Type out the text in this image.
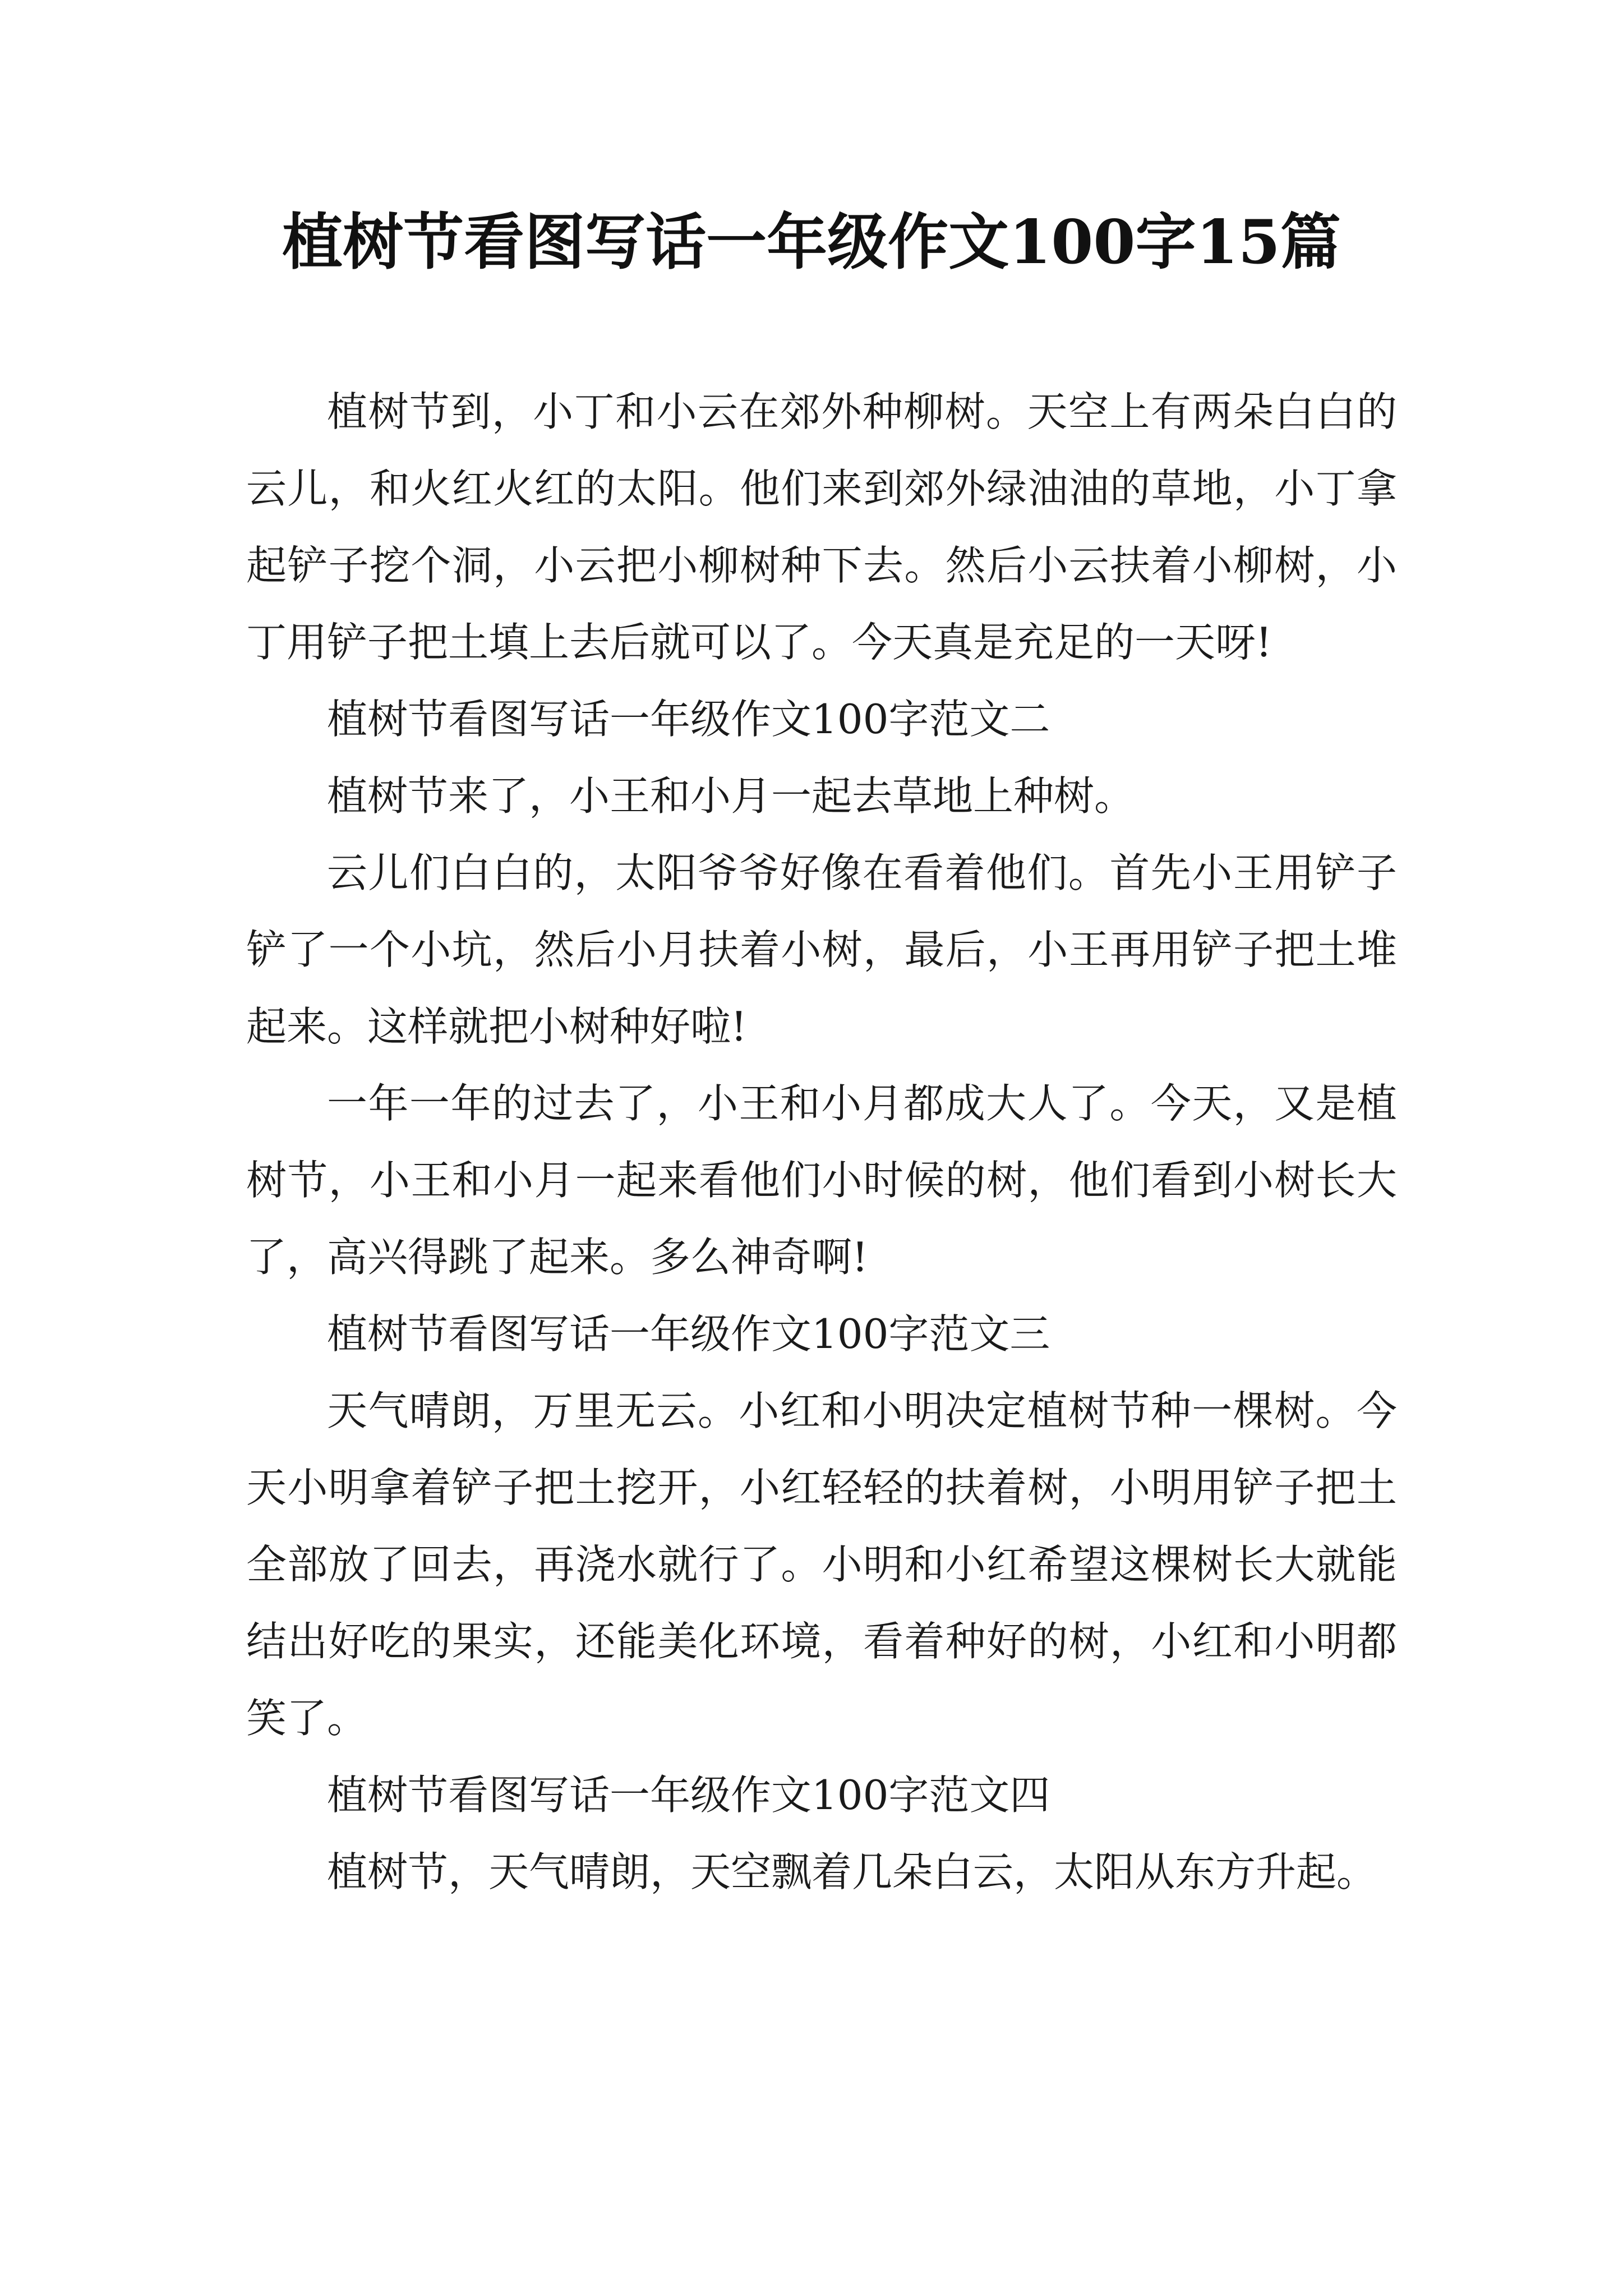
植树节看图写话一年级作文100字15篇

植树节到，小丁和小云在郊外种柳树。天空上有两朵白白的云儿，和火红火红的太阳。他们来到郊外绿油油的草地，小丁拿起铲子挖个洞，小云把小柳树种下去。然后小云扶着小柳树，小丁用铲子把土填上去后就可以了。今天真是充足的一天呀!

植树节看图写话一年级作文100字范文二

植树节来了，小王和小月一起去草地上种树。

云儿们白白的，太阳爷爷好像在看着他们。首先小王用铲子铲了一个小坑，然后小月扶着小树，最后，小王再用铲子把土堆起来。这样就把小树种好啦!

一年一年的过去了，小王和小月都成大人了。今天，又是植树节，小王和小月一起来看他们小时候的树，他们看到小树长大了，高兴得跳了起来。多么神奇啊!

植树节看图写话一年级作文100字范文三

天气晴朗，万里无云。小红和小明决定植树节种一棵树。今天小明拿着铲子把土挖开，小红轻轻的扶着树，小明用铲子把土全部放了回去，再浇水就行了。小明和小红希望这棵树长大就能结出好吃的果实，还能美化环境，看着种好的树，小红和小明都笑了。

植树节看图写话一年级作文100字范文四

植树节，天气晴朗，天空飘着几朵白云，太阳从东方升起。
